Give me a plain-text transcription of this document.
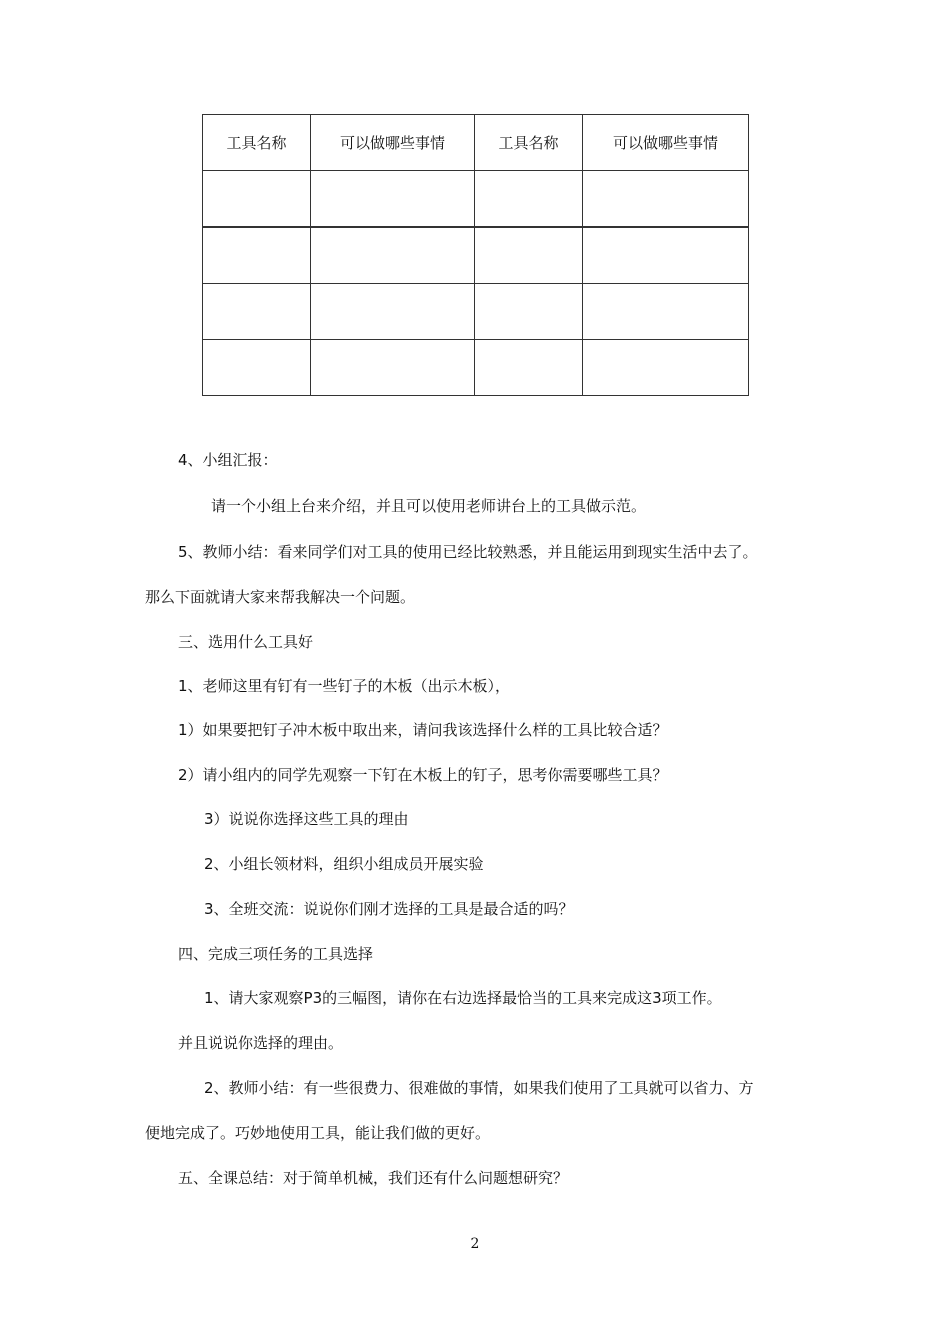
工具名称	可以做哪些事情	工具名称	可以做哪些事情

4、小组汇报：
请一个小组上台来介绍，并且可以使用老师讲台上的工具做示范。
5、教师小结：看来同学们对工具的使用已经比较熟悉，并且能运用到现实生活中去了。
那么下面就请大家来帮我解决一个问题。
三、选用什么工具好
1、老师这里有钉有一些钉子的木板（出示木板），
1）如果要把钉子冲木板中取出来，请问我该选择什么样的工具比较合适？
2）请小组内的同学先观察一下钉在木板上的钉子，思考你需要哪些工具？
3）说说你选择这些工具的理由
2、小组长领材料，组织小组成员开展实验
3、全班交流：说说你们刚才选择的工具是最合适的吗？
四、完成三项任务的工具选择
1、请大家观察P3的三幅图，请你在右边选择最恰当的工具来完成这3项工作。
并且说说你选择的理由。
2、教师小结：有一些很费力、很难做的事情，如果我们使用了工具就可以省力、方
便地完成了。巧妙地使用工具，能让我们做的更好。
五、全课总结：对于简单机械，我们还有什么问题想研究？
2
